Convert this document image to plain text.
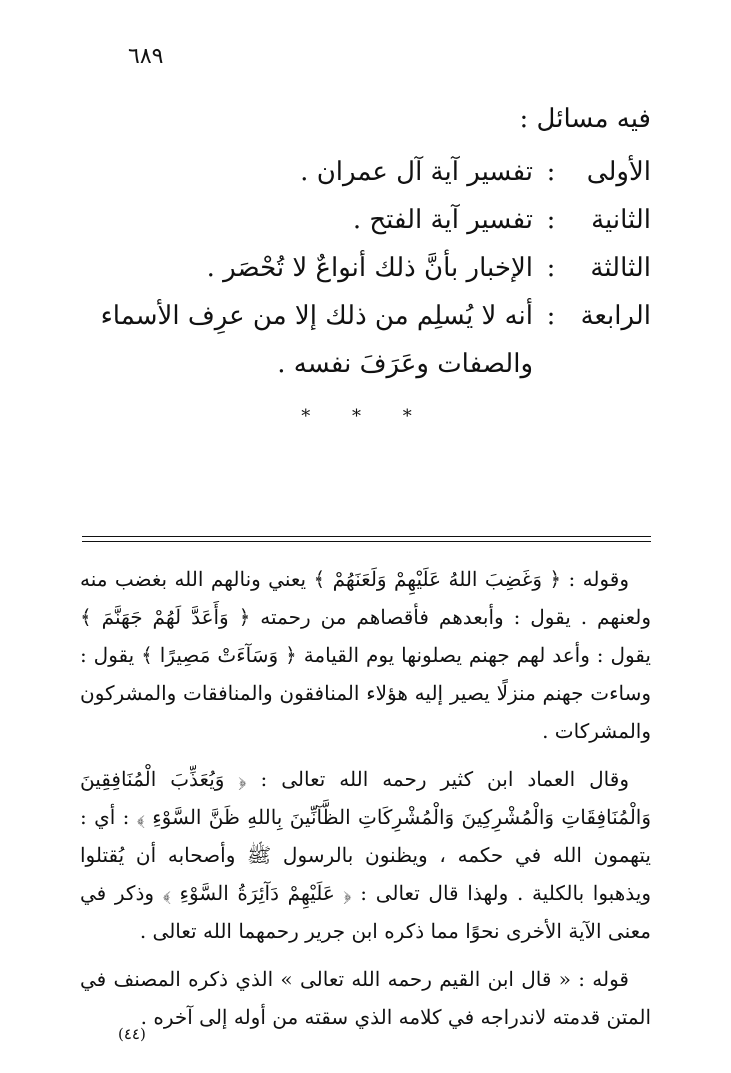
٦٨٩
فيه مسائل :
الأولى
:
تفسير آية آل عمران .
الثانية
:
تفسير آية الفتح .
الثالثة
:
الإخبار بأنَّ ذلك أنواعٌ لا تُحْصَر .
الرابعة
:
أنه لا يُسلِم من ذلك إلا من عرِف الأسماء والصفات وعَرَفَ نفسه .
* * *

وقوله : ﴿ وَغَضِبَ اللهُ عَلَيْهِمْ وَلَعَنَهُمْ ﴾ يعني ونالهم الله بغضب منه ولعنهم . يقول : وأبعدهم فأقصاهم من رحمته ﴿ وَأَعَدَّ لَهُمْ جَهَنَّمَ ﴾ يقول : وأعد لهم جهنم يصلونها يوم القيامة ﴿ وَسَآءَتْ مَصِيرًا ﴾ يقول : وساءت جهنم منزلًا يصير إليه هؤلاء المنافقون والمنافقات والمشركون والمشركات .

وقال العماد ابن كثير رحمه الله تعالى : ﴿ وَيُعَذِّبَ الْمُنَافِقِينَ وَالْمُنَافِقَاتِ وَالْمُشْرِكِينَ وَالْمُشْرِكَاتِ الظَّآنِّينَ بِاللهِ ظَنَّ السَّوْءِ ﴾ : أي : يتهمون الله في حكمه ، ويظنون بالرسول ﷺ وأصحابه أن يُقتلوا ويذهبوا بالكلية . ولهذا قال تعالى : ﴿ عَلَيْهِمْ دَآئِرَةُ السَّوْءِ ﴾ وذكر في معنى الآية الأخرى نحوًا مما ذكره ابن جرير رحمهما الله تعالى .

قوله : « قال ابن القيم رحمه الله تعالى » الذي ذكره المصنف في المتن قدمته لاندراجه في كلامه الذي سقته من أوله إلى آخره .

(٤٤)
